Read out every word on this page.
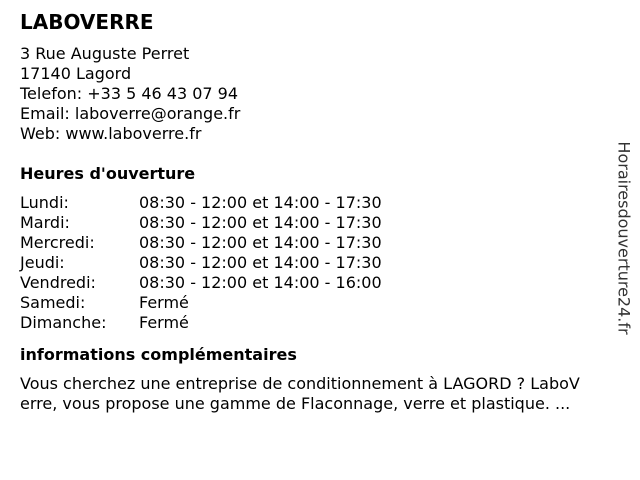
LABOVERRE
3 Rue Auguste Perret
17140 Lagord
Telefon: +33 5 46 43 07 94
Email: laboverre@orange.fr
Web: www.laboverre.fr
Heures d'ouverture
Lundi:	08:30 - 12:00 et 14:00 - 17:30
Mardi:	08:30 - 12:00 et 14:00 - 17:30
Mercredi:	08:30 - 12:00 et 14:00 - 17:30
Jeudi:	08:30 - 12:00 et 14:00 - 17:30
Vendredi:	08:30 - 12:00 et 14:00 - 16:00
Samedi:	Fermé
Dimanche:	Fermé
informations complémentaires
Vous cherchez une entreprise de conditionnement à LAGORD ? LaboV
erre, vous propose une gamme de Flaconnage, verre et plastique. ...
Horairesdouverture24.fr
